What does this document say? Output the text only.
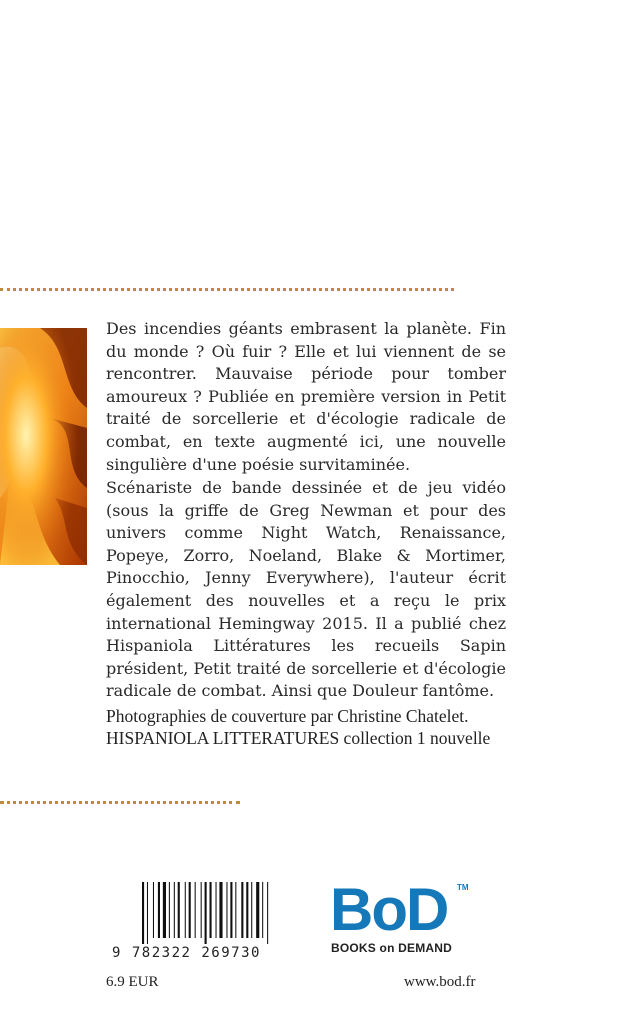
Des incendies géants embrasent la planète. Fin du monde ? Où fuir ? Elle et lui viennent de se rencontrer. Mauvaise période pour tomber amoureux ? Publiée en première version in Petit traité de sorcellerie et d'écologie radicale de combat, en texte augmenté ici, une nouvelle singulière d'une poésie survitaminée.
Scénariste de bande dessinée et de jeu vidéo (sous la griffe de Greg Newman et pour des univers comme Night Watch, Renaissance, Popeye, Zorro, Noeland, Blake & Mortimer, Pinocchio, Jenny Everywhere), l'auteur écrit également des nouvelles et a reçu le prix international Hemingway 2015. Il a publié chez Hispaniola Littératures les recueils Sapin président, Petit traité de sorcellerie et d'écologie radicale de combat. Ainsi que Douleur fantôme.
Photographies de couverture par Christine Chatelet.
HISPANIOLA LITTERATURES collection 1 nouvelle
9 782322 269730
6.9 EUR
BoD	TM
BOOKS on DEMAND
www.bod.fr
